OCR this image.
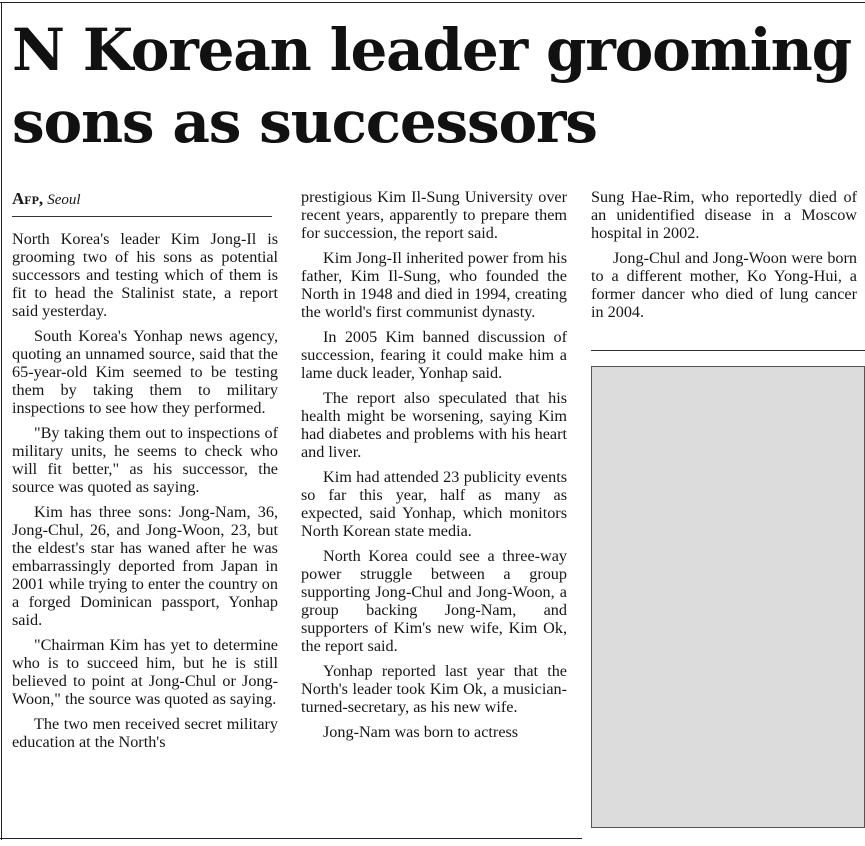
N Korean leader grooming sons as successors
Afp, Seoul

North Korea's leader Kim Jong-Il is grooming two of his sons as potential successors and testing which of them is fit to head the Stalinist state, a report said yesterday.

South Korea's Yonhap news agency, quoting an unnamed source, said that the 65-year-old Kim seemed to be testing them by taking them to military inspections to see how they performed.

"By taking them out to inspections of military units, he seems to check who will fit better," as his successor, the source was quoted as saying.

Kim has three sons: Jong-Nam, 36, Jong-Chul, 26, and Jong-Woon, 23, but the eldest's star has waned after he was embarrassingly deported from Japan in 2001 while trying to enter the country on a forged Dominican passport, Yonhap said.

"Chairman Kim has yet to determine who is to succeed him, but he is still believed to point at Jong-Chul or Jong-Woon," the source was quoted as saying.

The two men received secret military education at the North's

prestigious Kim Il-Sung University over recent years, apparently to prepare them for succession, the report said.

Kim Jong-Il inherited power from his father, Kim Il-Sung, who founded the North in 1948 and died in 1994, creating the world's first communist dynasty.

In 2005 Kim banned discussion of succession, fearing it could make him a lame duck leader, Yonhap said.

The report also speculated that his health might be worsening, saying Kim had diabetes and problems with his heart and liver.

Kim had attended 23 publicity events so far this year, half as many as expected, said Yonhap, which monitors North Korean state media.

North Korea could see a three-way power struggle between a group supporting Jong-Chul and Jong-Woon, a group backing Jong-Nam, and supporters of Kim's new wife, Kim Ok, the report said.

Yonhap reported last year that the North's leader took Kim Ok, a musician-turned-secretary, as his new wife.

Jong-Nam was born to actress

Sung Hae-Rim, who reportedly died of an unidentified disease in a Moscow hospital in 2002.

Jong-Chul and Jong-Woon were born to a different mother, Ko Yong-Hui, a former dancer who died of lung cancer in 2004.
